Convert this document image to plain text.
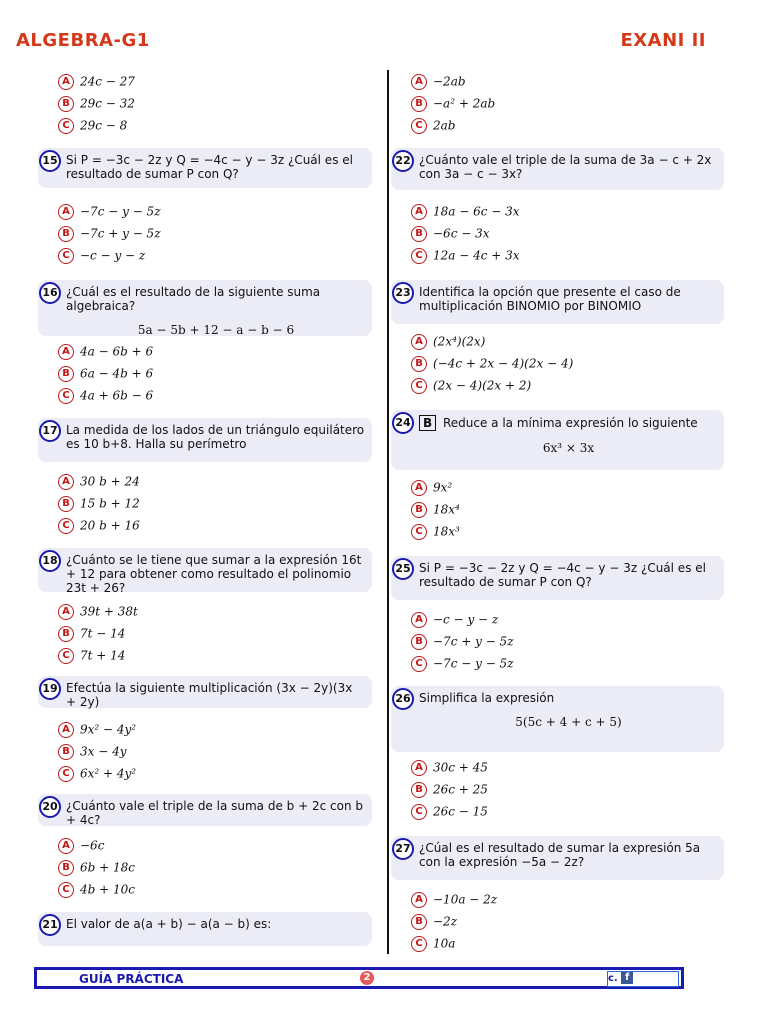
ALGEBRA-G1	EXANI II
A 24c − 27
B 29c − 32
C 29c − 8
15 Si P = −3c − 2z y Q = −4c − y − 3z ¿Cuál es el resultado de sumar P con Q?
A −7c − y − 5z
B −7c + y − 5z
C −c − y − z
16 ¿Cuál es el resultado de la siguiente suma algebraica?
5a − 5b + 12 − a − b − 6
A 4a − 6b + 6
B 6a − 4b + 6
C 4a + 6b − 6
17 La medida de los lados de un triángulo equilátero es 10 b+8. Halla su perímetro
A 30 b + 24
B 15 b + 12
C 20 b + 16
18 ¿Cuánto se le tiene que sumar a la expresión 16t + 12 para obtener como resultado el polinomio 23t + 26?
A 39t + 38t
B 7t − 14
C 7t + 14
19 Efectúa la siguiente multiplicación (3x − 2y)(3x + 2y)
A 9x² − 4y²
B 3x − 4y
C 6x² + 4y²
20 ¿Cuánto vale el triple de la suma de b + 2c con b + 4c?
A −6c
B 6b + 18c
C 4b + 10c
21 El valor de a(a + b) − a(a − b) es:
A −2ab
B −a² + 2ab
C 2ab
22 ¿Cuánto vale el triple de la suma de 3a − c + 2x con 3a − c − 3x?
A 18a − 6c − 3x
B −6c − 3x
C 12a − 4c + 3x
23 Identifica la opción que presente el caso de multiplicación BINOMIO por BINOMIO
A (2x⁴)(2x)
B (−4c + 2x − 4)(2x − 4)
C (2x − 4)(2x + 2)
24 B Reduce a la mínima expresión lo siguiente
6x³ × 3x
A 9x²
B 18x⁴
C 18x³
25 Si P = −3c − 2z y Q = −4c − y − 3z ¿Cuál es el resultado de sumar P con Q?
A −c − y − z
B −7c + y − 5z
C −7c − y − 5z
26 Simplifica la expresión
5(5c + 4 + c + 5)
A 30c + 45
B 26c + 25
C 26c − 15
27 ¿Cúal es el resultado de sumar la expresión 5a con la expresión −5a − 2z?
A −10a − 2z
B −2z
C 10a
GUÍA PRÁCTICA	2	c. f
